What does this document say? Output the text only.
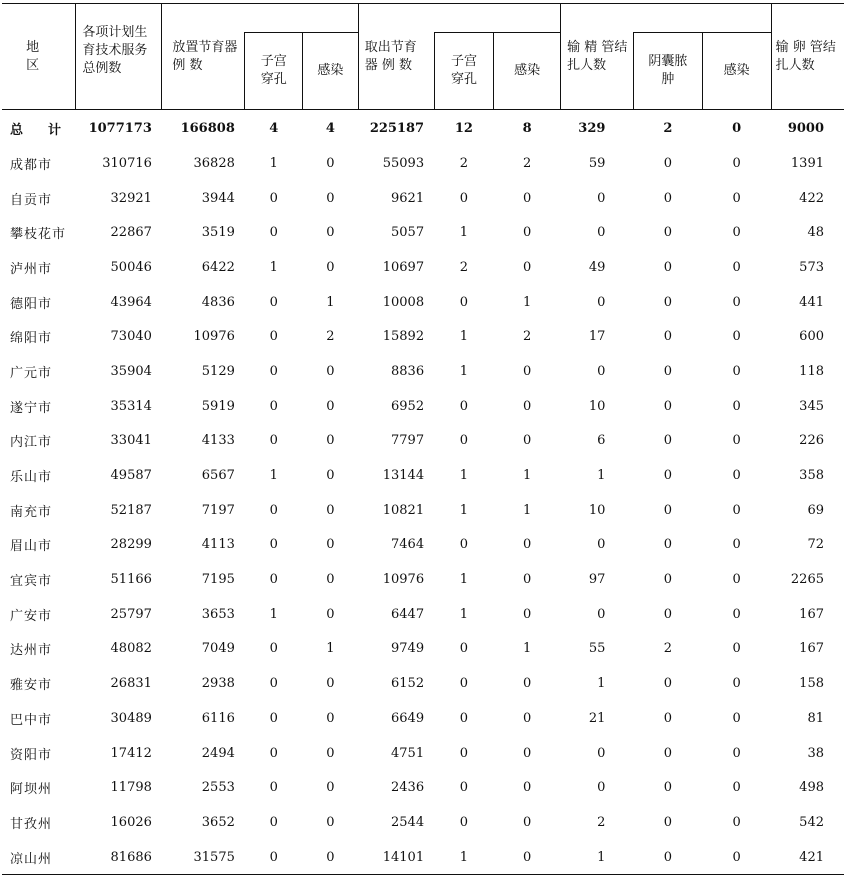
地　区	各项计划生育技术服务总例数	放置节育器 例 数			取出节育器 例 数			输 精 管结扎人数			输 卵 管结扎人数
			子宫穿孔	感染		子宫穿孔	感染		阴囊脓肿	感染	
总　计	1077173	166808	4	4	225187	12	8	329	2	0	9000
成都市	310716	36828	1	0	55093	2	2	59	0	0	1391
自贡市	32921	3944	0	0	9621	0	0	0	0	0	422
攀枝花市	22867	3519	0	0	5057	1	0	0	0	0	48
泸州市	50046	6422	1	0	10697	2	0	49	0	0	573
德阳市	43964	4836	0	1	10008	0	1	0	0	0	441
绵阳市	73040	10976	0	2	15892	1	2	17	0	0	600
广元市	35904	5129	0	0	8836	1	0	0	0	0	118
遂宁市	35314	5919	0	0	6952	0	0	10	0	0	345
内江市	33041	4133	0	0	7797	0	0	6	0	0	226
乐山市	49587	6567	1	0	13144	1	1	1	0	0	358
南充市	52187	7197	0	0	10821	1	1	10	0	0	69
眉山市	28299	4113	0	0	7464	0	0	0	0	0	72
宜宾市	51166	7195	0	0	10976	1	0	97	0	0	2265
广安市	25797	3653	1	0	6447	1	0	0	0	0	167
达州市	48082	7049	0	1	9749	0	1	55	2	0	167
雅安市	26831	2938	0	0	6152	0	0	1	0	0	158
巴中市	30489	6116	0	0	6649	0	0	21	0	0	81
资阳市	17412	2494	0	0	4751	0	0	0	0	0	38
阿坝州	11798	2553	0	0	2436	0	0	0	0	0	498
甘孜州	16026	3652	0	0	2544	0	0	2	0	0	542
凉山州	81686	31575	0	0	14101	1	0	1	0	0	421
